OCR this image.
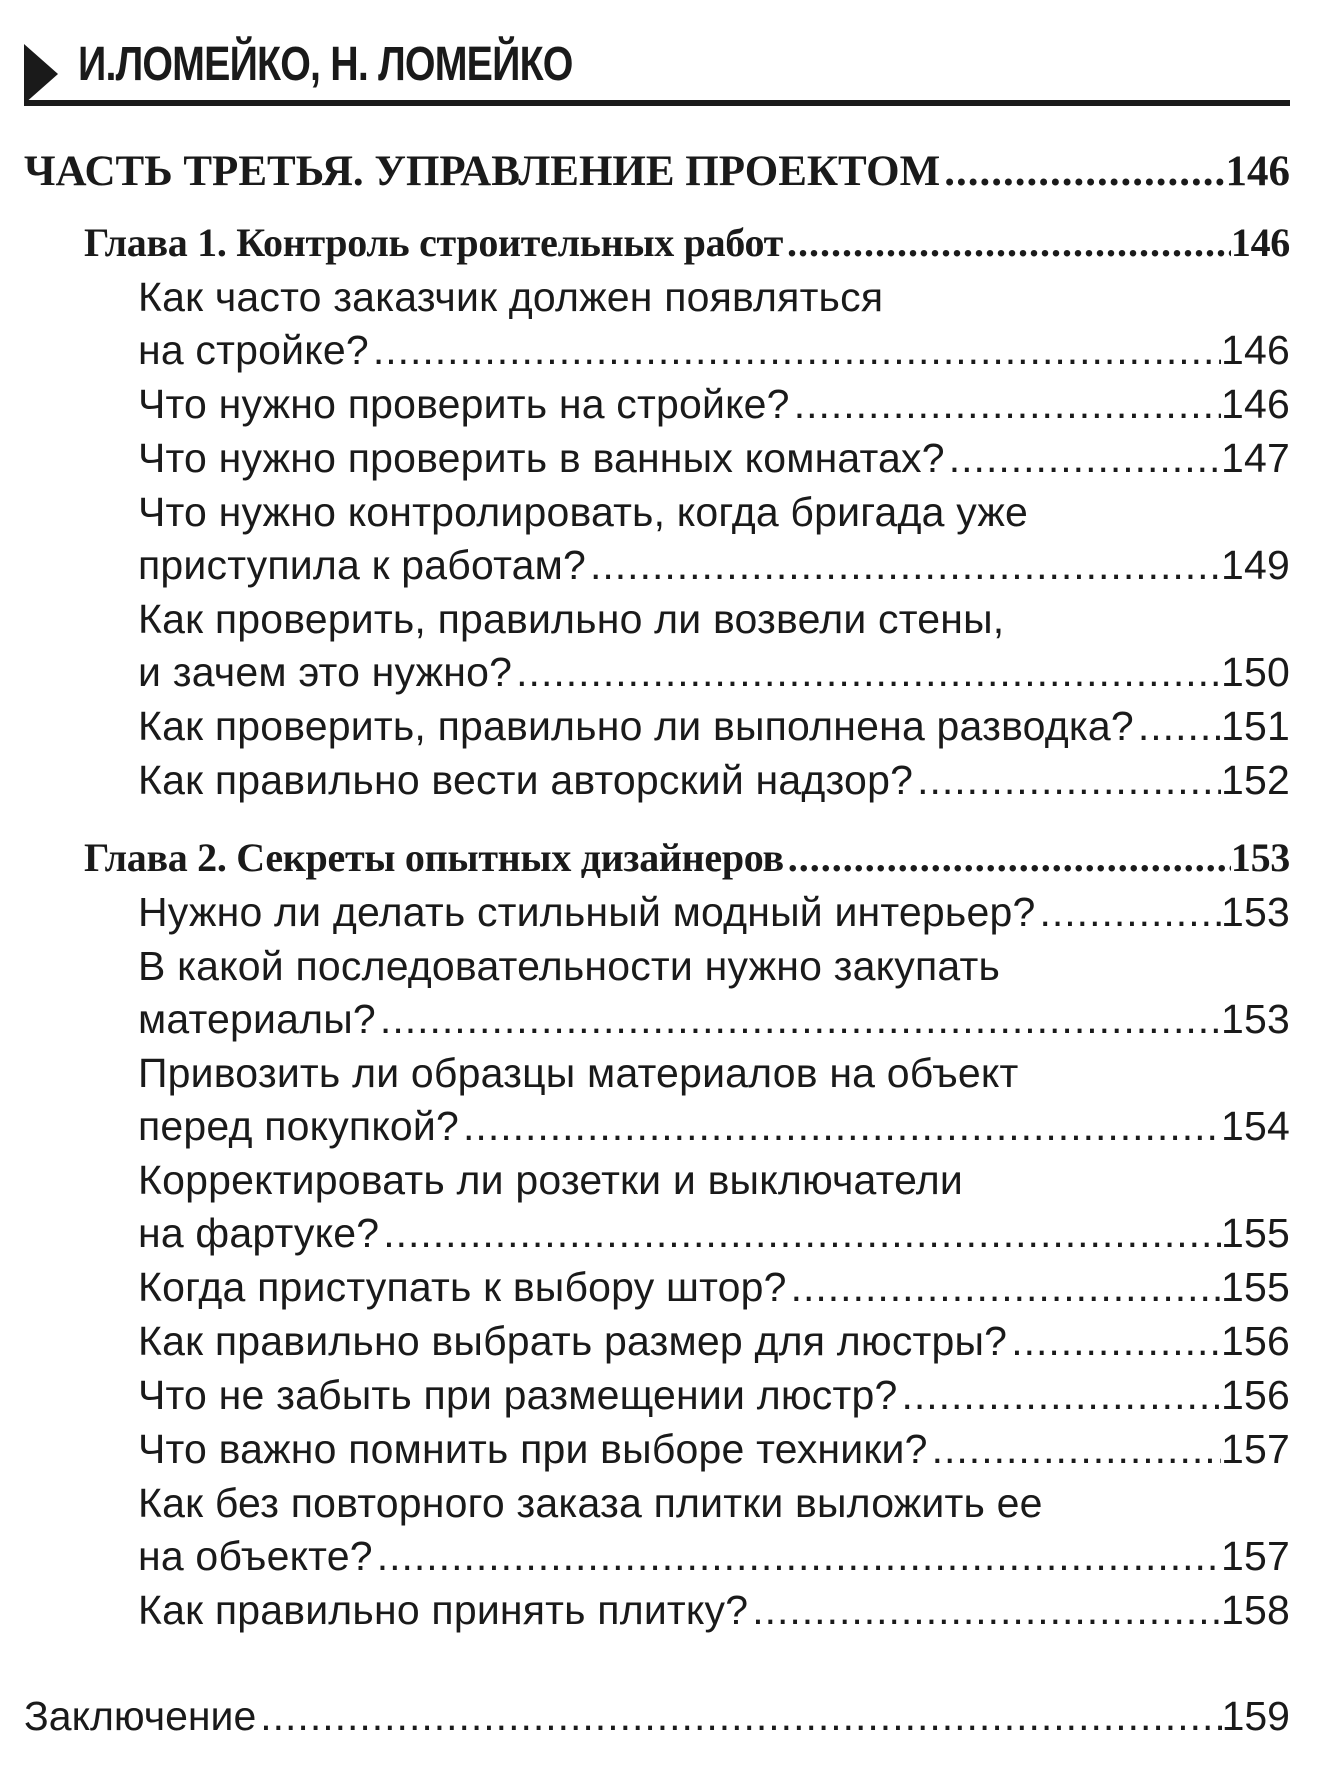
И.ЛОМЕЙКО, Н. ЛОМЕЙКО
ЧАСТЬ ТРЕТЬЯ. УПРАВЛЕНИЕ ПРОЕКТОМ .....	146
Глава 1. Контроль строительных работ .....	146
Как часто заказчик должен появляться
на стройке? .....	146
Что нужно проверить на стройке? .....	146
Что нужно проверить в ванных комнатах? .....	147
Что нужно контролировать, когда бригада уже
приступила к работам? .....	149
Как проверить, правильно ли возвели стены,
и зачем это нужно? .....	150
Как проверить, правильно ли выполнена разводка? ..... 151
Как правильно вести авторский надзор? .....	152
Глава 2. Секреты опытных дизайнеров .....	153
Нужно ли делать стильный модный интерьер? .....	153
В какой последовательности нужно закупать
материалы? .....	153
Привозить ли образцы материалов на объект
перед покупкой? .....	154
Корректировать ли розетки и выключатели
на фартуке? .....	155
Когда приступать к выбору штор? .....	155
Как правильно выбрать размер для люстры? .....	156
Что не забыть при размещении люстр? .....	156
Что важно помнить при выборе техники? .....	157
Как без повторного заказа плитки выложить ее
на объекте? .....	157
Как правильно принять плитку? .....	158
Заключение .....	159
